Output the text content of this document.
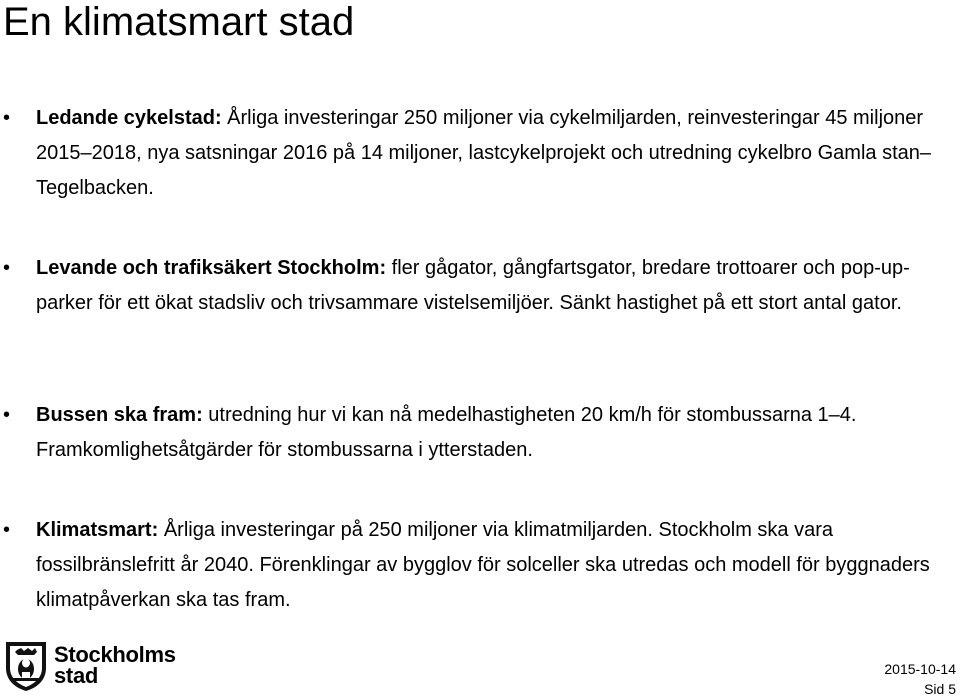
En klimatsmart stad
• Ledande cykelstad: Årliga investeringar 250 miljoner via cykelmiljarden, reinvesteringar 45 miljoner 2015–2018, nya satsningar 2016 på 14 miljoner, lastcykelprojekt och utredning cykelbro Gamla stan–Tegelbacken.

• Levande och trafiksäkert Stockholm: fler gågator, gångfartsgator, bredare trottoarer och pop-up-parker för ett ökat stadsliv och trivsammare vistelsemiljöer. Sänkt hastighet på ett stort antal gator.

• Bussen ska fram: utredning hur vi kan nå medelhastigheten 20 km/h för stombussarna 1–4. Framkomlighetsåtgärder för stombussarna i ytterstaden.

• Klimatsmart: Årliga investeringar på 250 miljoner via klimatmiljarden. Stockholm ska vara fossilbränslefritt år 2040. Förenklingar av bygglov för solceller ska utredas och modell för byggnaders klimatpåverkan ska tas fram.

Stockholms
stad	2015-10-14
Sid 5
